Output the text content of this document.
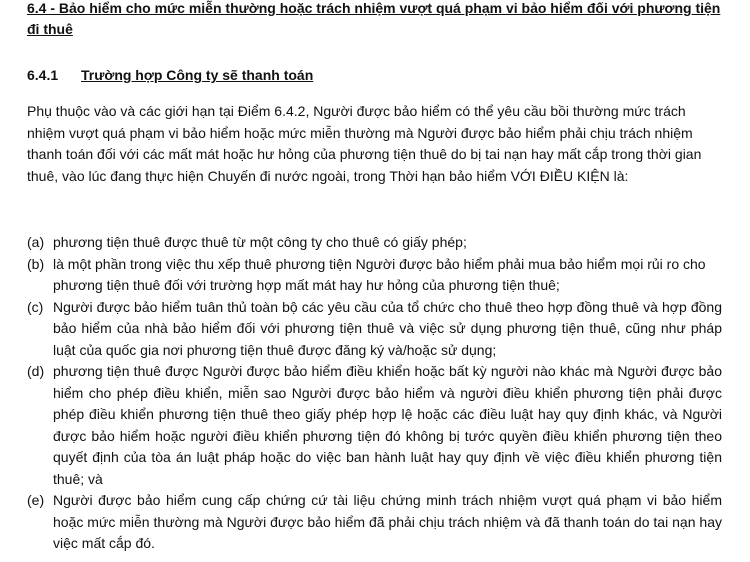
6.4 - Bảo hiểm cho mức miễn thường hoặc trách nhiệm vượt quá phạm vi bảo hiểm đối với phương tiện đi thuê
6.4.1 Trường hợp Công ty sẽ thanh toán
Phụ thuộc vào và các giới hạn tại Điểm 6.4.2, Người được bảo hiểm có thể yêu cầu bồi thường mức trách nhiệm vượt quá phạm vi bảo hiểm hoặc mức miễn thường mà Người được bảo hiểm phải chịu trách nhiệm thanh toán đối với các mất mát hoặc hư hỏng của phương tiện thuê do bị tai nạn hay mất cắp trong thời gian thuê, vào lúc đang thực hiện Chuyến đi nước ngoài, trong Thời hạn bảo hiểm VỚI ĐIỀU KIỆN là:
(a) phương tiện thuê được thuê từ một công ty cho thuê có giấy phép;
(b) là một phần trong việc thu xếp thuê phương tiện Người được bảo hiểm phải mua bảo hiểm mọi rủi ro cho phương tiện thuê đối với trường hợp mất mát hay hư hỏng của phương tiện thuê;
(c) Người được bảo hiểm tuân thủ toàn bộ các yêu cầu của tổ chức cho thuê theo hợp đồng thuê và hợp đồng bảo hiểm của nhà bảo hiểm đối với phương tiện thuê và việc sử dụng phương tiện thuê, cũng như pháp luật của quốc gia nơi phương tiện thuê được đăng ký và/hoặc sử dụng;
(d) phương tiện thuê được Người được bảo hiểm điều khiển hoặc bất kỳ người nào khác mà Người được bảo hiểm cho phép điều khiển, miễn sao Người được bảo hiểm và người điều khiển phương tiện phải được phép điều khiển phương tiện thuê theo giấy phép hợp lệ hoặc các điều luật hay quy định khác, và Người được bảo hiểm hoặc người điều khiển phương tiện đó không bị tước quyền điều khiển phương tiện theo quyết định của tòa án luật pháp hoặc do việc ban hành luật hay quy định về việc điều khiển phương tiện thuê; và
(e) Người được bảo hiểm cung cấp chứng cứ tài liệu chứng minh trách nhiệm vượt quá phạm vi bảo hiểm hoặc mức miễn thường mà Người được bảo hiểm đã phải chịu trách nhiệm và đã thanh toán do tai nạn hay việc mất cắp đó.
